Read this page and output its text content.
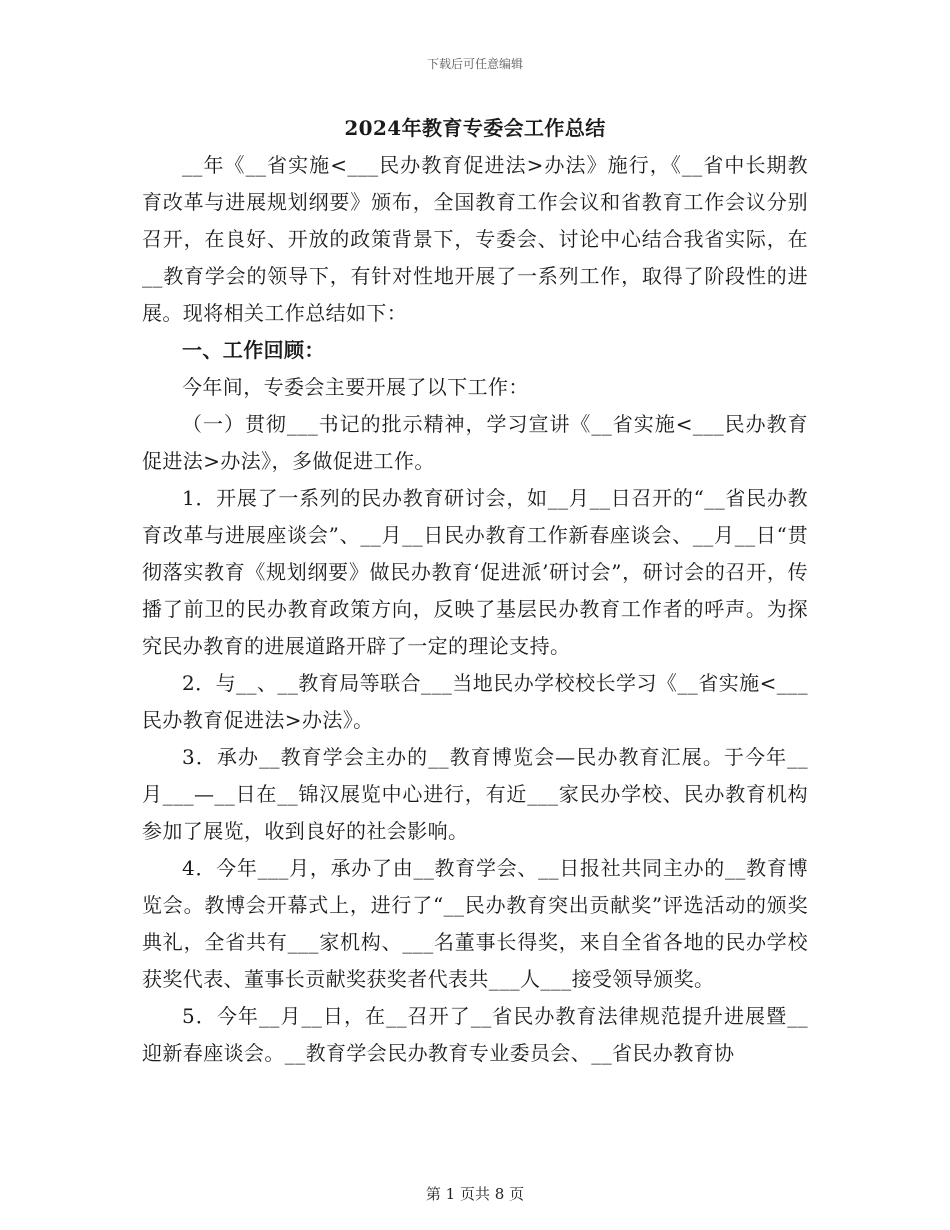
下载后可任意编辑
2024年教育专委会工作总结

__年《__省实施<___民办教育促进法>办法》施行，《__省中长期教育改革与进展规划纲要》颁布，全国教育工作会议和省教育工作会议分别召开，在良好、开放的政策背景下，专委会、讨论中心结合我省实际，在__教育学会的领导下，有针对性地开展了一系列工作，取得了阶段性的进展。现将相关工作总结如下：

一、工作回顾：

今年间，专委会主要开展了以下工作：

（一）贯彻___书记的批示精神，学习宣讲《__省实施<___民办教育促进法>办法》，多做促进工作。

1．开展了一系列的民办教育研讨会，如__月__日召开的“__省民办教育改革与进展座谈会”、__月__日民办教育工作新春座谈会、__月__日“贯彻落实教育《规划纲要》做民办教育‘促进派’研讨会”，研讨会的召开，传播了前卫的民办教育政策方向，反映了基层民办教育工作者的呼声。为探究民办教育的进展道路开辟了一定的理论支持。

2．与__、__教育局等联合___当地民办学校校长学习《__省实施<___民办教育促进法>办法》。

3．承办__教育学会主办的__教育博览会—民办教育汇展。于今年__月___—__日在__锦汉展览中心进行，有近___家民办学校、民办教育机构参加了展览，收到良好的社会影响。

4．今年___月，承办了由__教育学会、__日报社共同主办的__教育博览会。教博会开幕式上，进行了“__民办教育突出贡献奖”评选活动的颁奖典礼，全省共有___家机构、___名董事长得奖，来自全省各地的民办学校获奖代表、董事长贡献奖获奖者代表共___人___接受领导颁奖。

5．今年__月__日，在__召开了__省民办教育法律规范提升进展暨__迎新春座谈会。__教育学会民办教育专业委员会、__省民办教育协

第 1 页共 8 页
